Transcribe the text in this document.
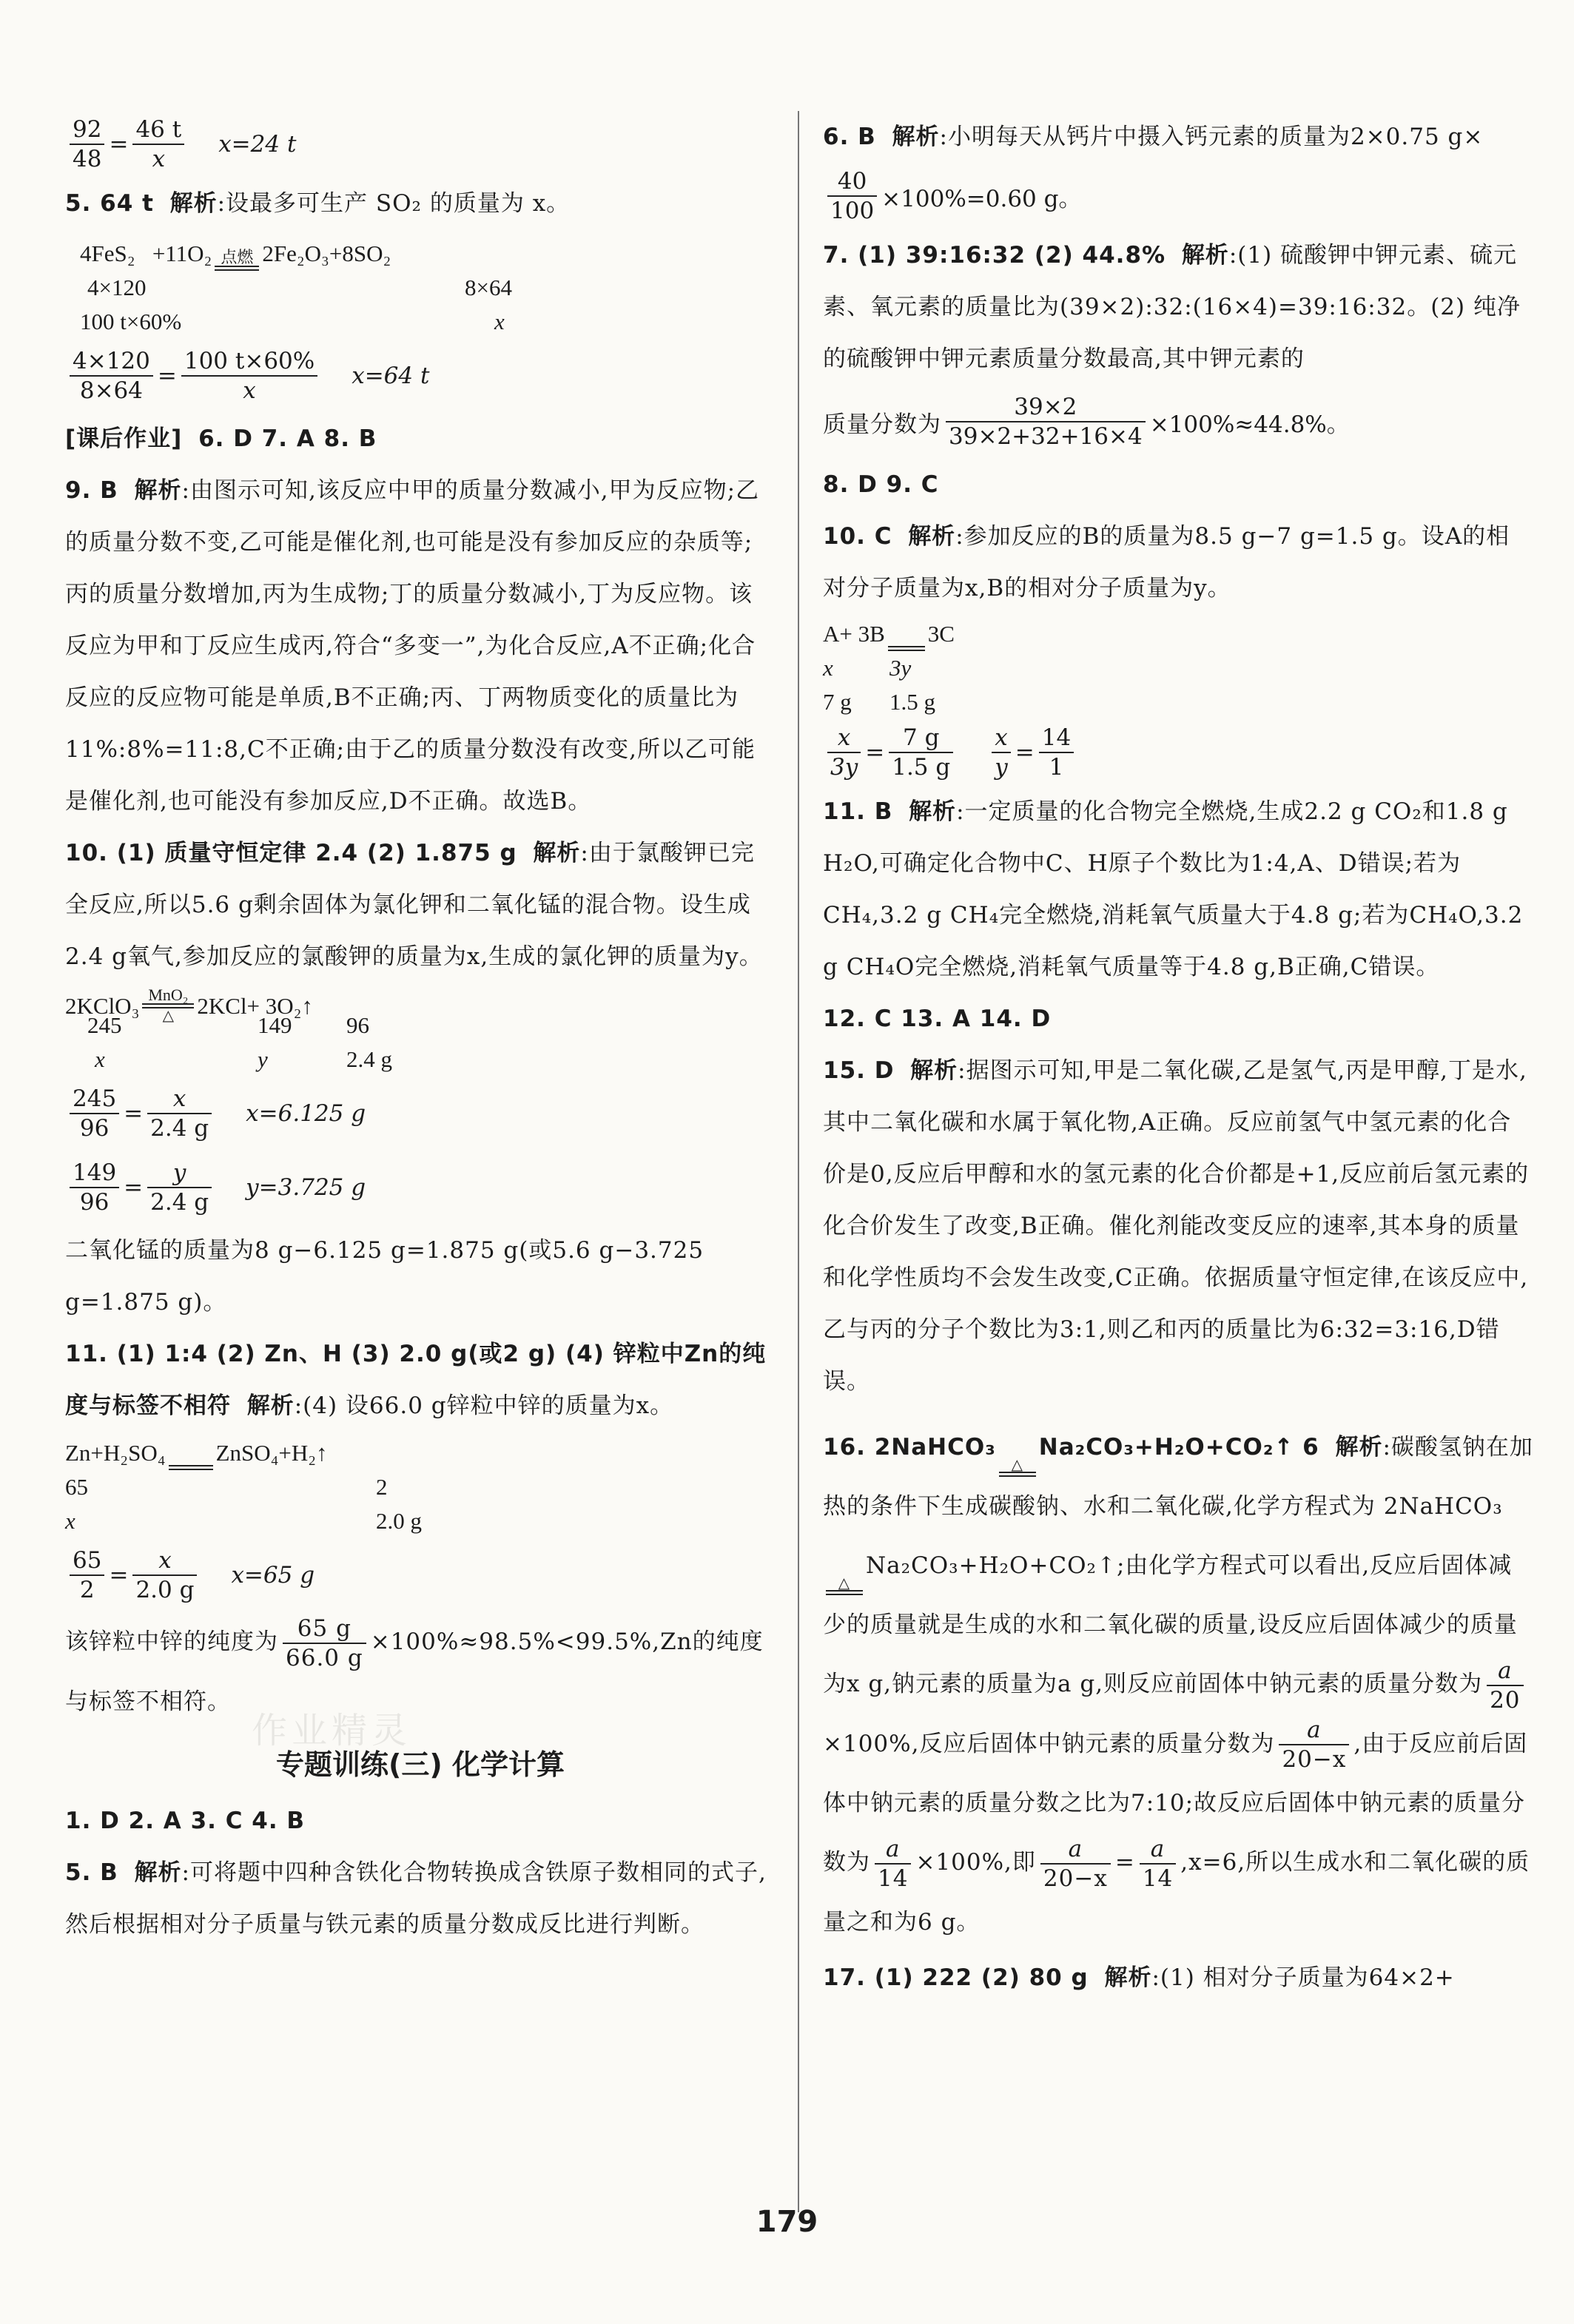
$\frac{92}{48} = \frac{46 t}{x} x=24$ t

5. 64 t 解析:设最多可生产 SO₂ 的质量为 x。

4FeS₂ +11O₂ 点燃 2Fe₂O₃+8SO₂
4×120	8×64
100 t×60%	x
$\frac{4\times 120}{8\times 64} = \frac{100 t\times 60\%}{x} x=64$ t

[课后作业] 6. D 7. A 8. B

9. B 解析:由图示可知,该反应中甲的质量分数减小,甲为反应物;乙的质量分数不变,乙可能是催化剂,也可能是没有参加反应的杂质等;丙的质量分数增加,丙为生成物;丁的质量分数减小,丁为反应物。该反应为甲和丁反应生成丙,符合“多变一”,为化合反应,A不正确;化合反应的反应物可能是单质,B不正确;丙、丁两物质变化的质量比为11%:8%=11:8,C不正确;由于乙的质量分数没有改变,所以乙可能是催化剂,也可能没有参加反应,D不正确。故选B。

10. (1) 质量守恒定律 2.4 (2) 1.875 g 解析:由于氯酸钾已完全反应,所以5.6 g剩余固体为氯化钾和二氧化锰的混合物。设生成2.4 g氧气,参加反应的氯酸钾的质量为x,生成的氯化钾的质量为y。

2KClO₃ MnO₂
△	2KCl+ 3O₂↑
245	149	96
x	y	2.4 g
$\frac{245}{96} = \frac{x}{2.4 g} x=6.125$ g
$\frac{149}{96} = \frac{y}{2.4 g} y=3.725$ g

二氧化锰的质量为8 g−6.125 g=1.875 g(或5.6 g−3.725 g=1.875 g)。

11. (1) 1:4 (2) Zn、H (3) 2.0 g(或2 g) (4) 锌粒中Zn的纯度与标签不相符 解析:(4) 设66.0 g锌粒中锌的质量为x。

Zn+H₂SO₄ ZnSO₄+H₂↑
65	2
x	2.0 g
$\frac{65}{2} = \frac{x}{2.0 g} x=65$ g

该锌粒中锌的纯度为 $\frac{65 g}{66.0 g} \times 100\%\approx 98.5\%<99.5\%,Zn$的纯度与标签不相符。

专题训练(三) 化学计算

1. D 2. A 3. C 4. B

5. B 解析:可将题中四种含铁化合物转换成含铁原子数相同的式子,然后根据相对分子质量与铁元素的质量分数成反比进行判断。

6. B 解析:小明每天从钙片中摄入钙元素的质量为2×0.75 g×

$\frac{40}{100} \times 100\%=0.60$ g。

7. (1) 39:16:32 (2) 44.8% 解析:(1) 硫酸钾中钾元素、硫元素、氧元素的质量比为(39×2):32:(16×4)=39:16:32。(2) 纯净的硫酸钾中钾元素质量分数最高,其中钾元素的

质量分数为 $\frac{39\times 2}{39\times 2+32+16\times 4} \times 100\%\approx 44.8\%$。

8. D 9. C

10. C 解析:参加反应的B的质量为8.5 g−7 g=1.5 g。设A的相对分子质量为x,B的相对分子质量为y。

A+ 3B 3C
x	3y
7 g	1.5 g
$\frac{x}{3y} = \frac{7 g}{1.5 g} \frac{x}{y} = \frac{14}{1}$

11. B 解析:一定质量的化合物完全燃烧,生成2.2 g CO₂和1.8 g H₂O,可确定化合物中C、H原子个数比为1:4,A、D错误;若为CH₄,3.2 g CH₄完全燃烧,消耗氧气质量大于4.8 g;若为CH₄O,3.2 g CH₄O完全燃烧,消耗氧气质量等于4.8 g,B正确,C错误。

12. C 13. A 14. D

15. D 解析:据图示可知,甲是二氧化碳,乙是氢气,丙是甲醇,丁是水,其中二氧化碳和水属于氧化物,A正确。反应前氢气中氢元素的化合价是0,反应后甲醇和水的氢元素的化合价都是+1,反应前后氢元素的化合价发生了改变,B正确。催化剂能改变反应的速率,其本身的质量和化学性质均不会发生改变,C正确。依据质量守恒定律,在该反应中,乙与丙的分子个数比为3:1,则乙和丙的质量比为6:32=3:16,D错误。

16. 2NaHCO₃
△
Na₂CO₃+H₂O+CO₂↑ 6 解析:碳酸氢钠在加热的条件下生成碳酸钠、水和二氧化碳,化学方程式为 2NaHCO₃
△
Na₂CO₃+H₂O+CO₂↑;由化学方程式可以看出,反应后固体减少的质量就是生成的水和二氧化碳的质量,设反应后固体减少的质量为x g,钠元素的质量为a g,则反应前固体中钠元素的质量分数为 $\frac{a}{20}$
×100%,反应后固体中钠元素的质量分数为 $\frac{a}{20-x}$ ,由于反应前后固体中钠元素的质量分数之比为7:10;故反应后固体中钠元素的质量分数为 $\frac{a}{14} \times 100\%$,即 $\frac{a}{20-x} = \frac{a}{14} ,x=6$,所以生成水和二氧化碳的质量之和为6 g。

17. (1) 222 (2) 80 g 解析:(1) 相对分子质量为64×2+

作业精灵
179
